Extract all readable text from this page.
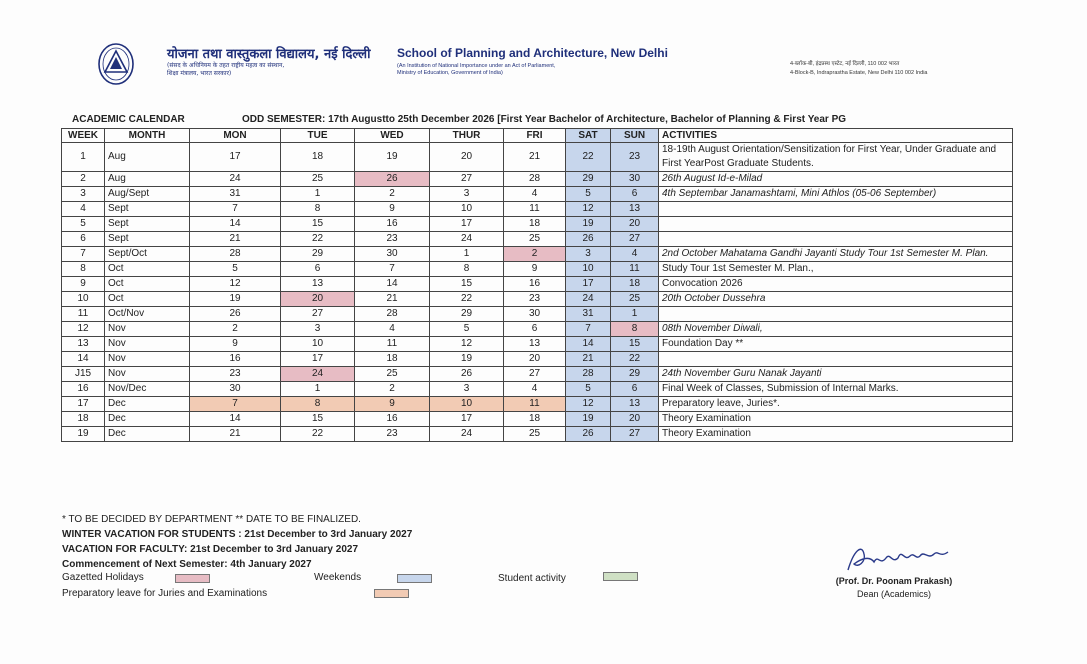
योजना तथा वास्तुकला विद्यालय, नई दिल्ली
(संसद के अधिनियम के तहत राष्ट्रीय महत्व का संस्थान,
शिक्षा मंत्रालय, भारत सरकार)
School of Planning and Architecture, New Delhi
(An Institution of National Importance under an Act of Parliament,
Ministry of Education, Government of India)
4-ब्लॉक-बी, इंद्रप्रस्थ एस्टेट, नई दिल्ली, 110 002 भारत
4-Block-B, Indraprastha Estate, New Delhi 110 002 India
ACADEMIC CALENDAR	ODD SEMESTER: 17th Augustto 25th December 2026 [First Year Bachelor of Architecture, Bachelor of Planning & First Year PG
WEEK	MONTH	MON	TUE	WED	THUR	FRI	SAT	SUN	ACTIVITIES
1	Aug	17	18	19	20	21	22	23	18-19th August Orientation/Sensitization for First Year, Under Graduate and First YearPost Graduate Students.
2	Aug	24	25	26	27	28	29	30	26th August Id-e-Milad
3	Aug/Sept	31	1	2	3	4	5	6	4th Septembar Janamashtami, Mini Athlos (05-06 September)
4	Sept	7	8	9	10	11	12	13	
5	Sept	14	15	16	17	18	19	20	
6	Sept	21	22	23	24	25	26	27	
7	Sept/Oct	28	29	30	1	2	3	4	2nd October Mahatama Gandhi Jayanti Study Tour 1st Semester M. Plan.
8	Oct	5	6	7	8	9	10	11	Study Tour 1st Semester M. Plan.,
9	Oct	12	13	14	15	16	17	18	Convocation 2026
10	Oct	19	20	21	22	23	24	25	20th October Dussehra
11	Oct/Nov	26	27	28	29	30	31	1	
12	Nov	2	3	4	5	6	7	8	08th November Diwali,
13	Nov	9	10	11	12	13	14	15	Foundation Day **
14	Nov	16	17	18	19	20	21	22	
J15	Nov	23	24	25	26	27	28	29	24th November Guru Nanak Jayanti
16	Nov/Dec	30	1	2	3	4	5	6	Final Week of Classes, Submission of Internal Marks.
17	Dec	7	8	9	10	11	12	13	Preparatory leave, Juries*.
18	Dec	14	15	16	17	18	19	20	Theory Examination
19	Dec	21	22	23	24	25	26	27	Theory Examination
* TO BE DECIDED BY DEPARTMENT ** DATE TO BE FINALIZED.
WINTER VACATION FOR STUDENTS : 21st December to 3rd January 2027
VACATION FOR FACULTY: 21st December to 3rd January 2027
Commencement of Next Semester: 4th January 2027
Gazetted Holidays	Weekends	Student activity
Preparatory leave for Juries and Examinations
(Prof. Dr. Poonam Prakash)
Dean (Academics)
